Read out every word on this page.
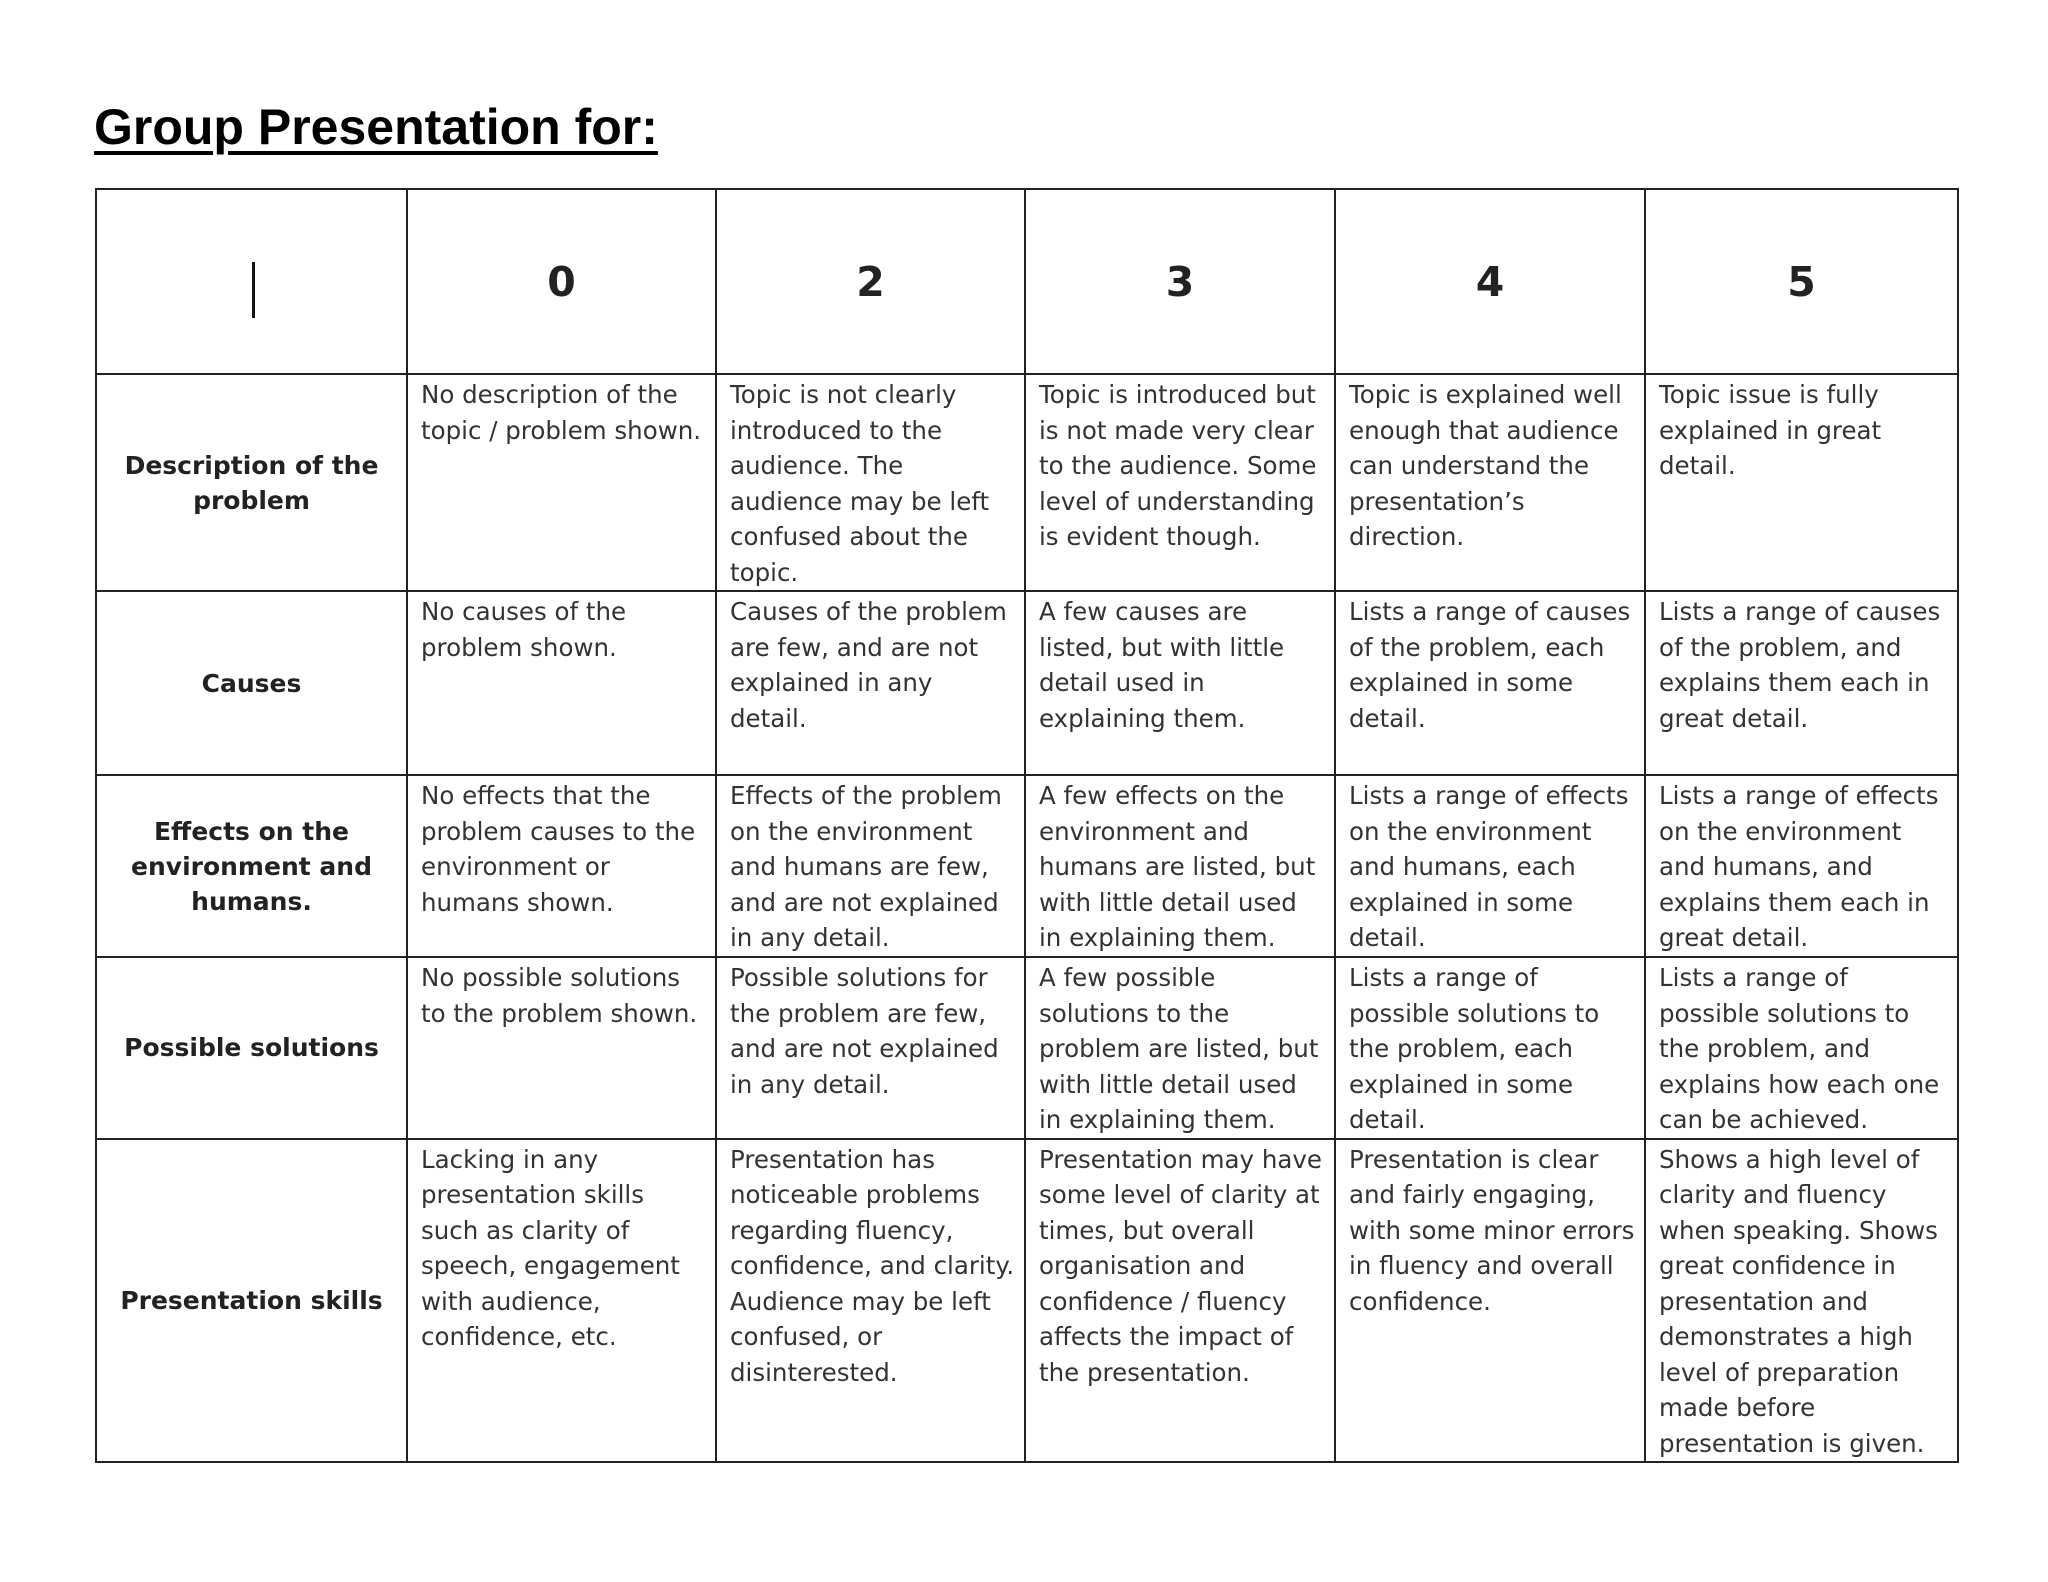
Group Presentation for:
	0	2	3	4	5
Description of the problem	No description of the topic / problem shown.	Topic is not clearly introduced to the audience. The audience may be left confused about the topic.	Topic is introduced but is not made very clear to the audience. Some level of understanding is evident though.	Topic is explained well enough that audience can understand the presentation’s direction.	Topic issue is fully explained in great detail.
Causes	No causes of the problem shown.	Causes of the problem are few, and are not explained in any detail.	A few causes are listed, but with little detail used in explaining them.	Lists a range of causes of the problem, each explained in some detail.	Lists a range of causes of the problem, and explains them each in great detail.
Effects on the environment and humans.	No effects that the problem causes to the environment or humans shown.	Effects of the problem on the environment and humans are few, and are not explained in any detail.	A few effects on the environment and humans are listed, but with little detail used in explaining them.	Lists a range of effects on the environment and humans, each explained in some detail.	Lists a range of effects on the environment and humans, and explains them each in great detail.
Possible solutions	No possible solutions to the problem shown.	Possible solutions for the problem are few, and are not explained in any detail.	A few possible solutions to the problem are listed, but with little detail used in explaining them.	Lists a range of possible solutions to the problem, each explained in some detail.	Lists a range of possible solutions to the problem, and explains how each one can be achieved.
Presentation skills	Lacking in any presentation skills such as clarity of speech, engagement with audience, confidence, etc.	Presentation has noticeable problems regarding fluency, confidence, and clarity. Audience may be left confused, or disinterested.	Presentation may have some level of clarity at times, but overall organisation and confidence / fluency affects the impact of the presentation.	Presentation is clear and fairly engaging, with some minor errors in fluency and overall confidence.	Shows a high level of clarity and fluency when speaking. Shows great confidence in presentation and demonstrates a high level of preparation made before presentation is given.
